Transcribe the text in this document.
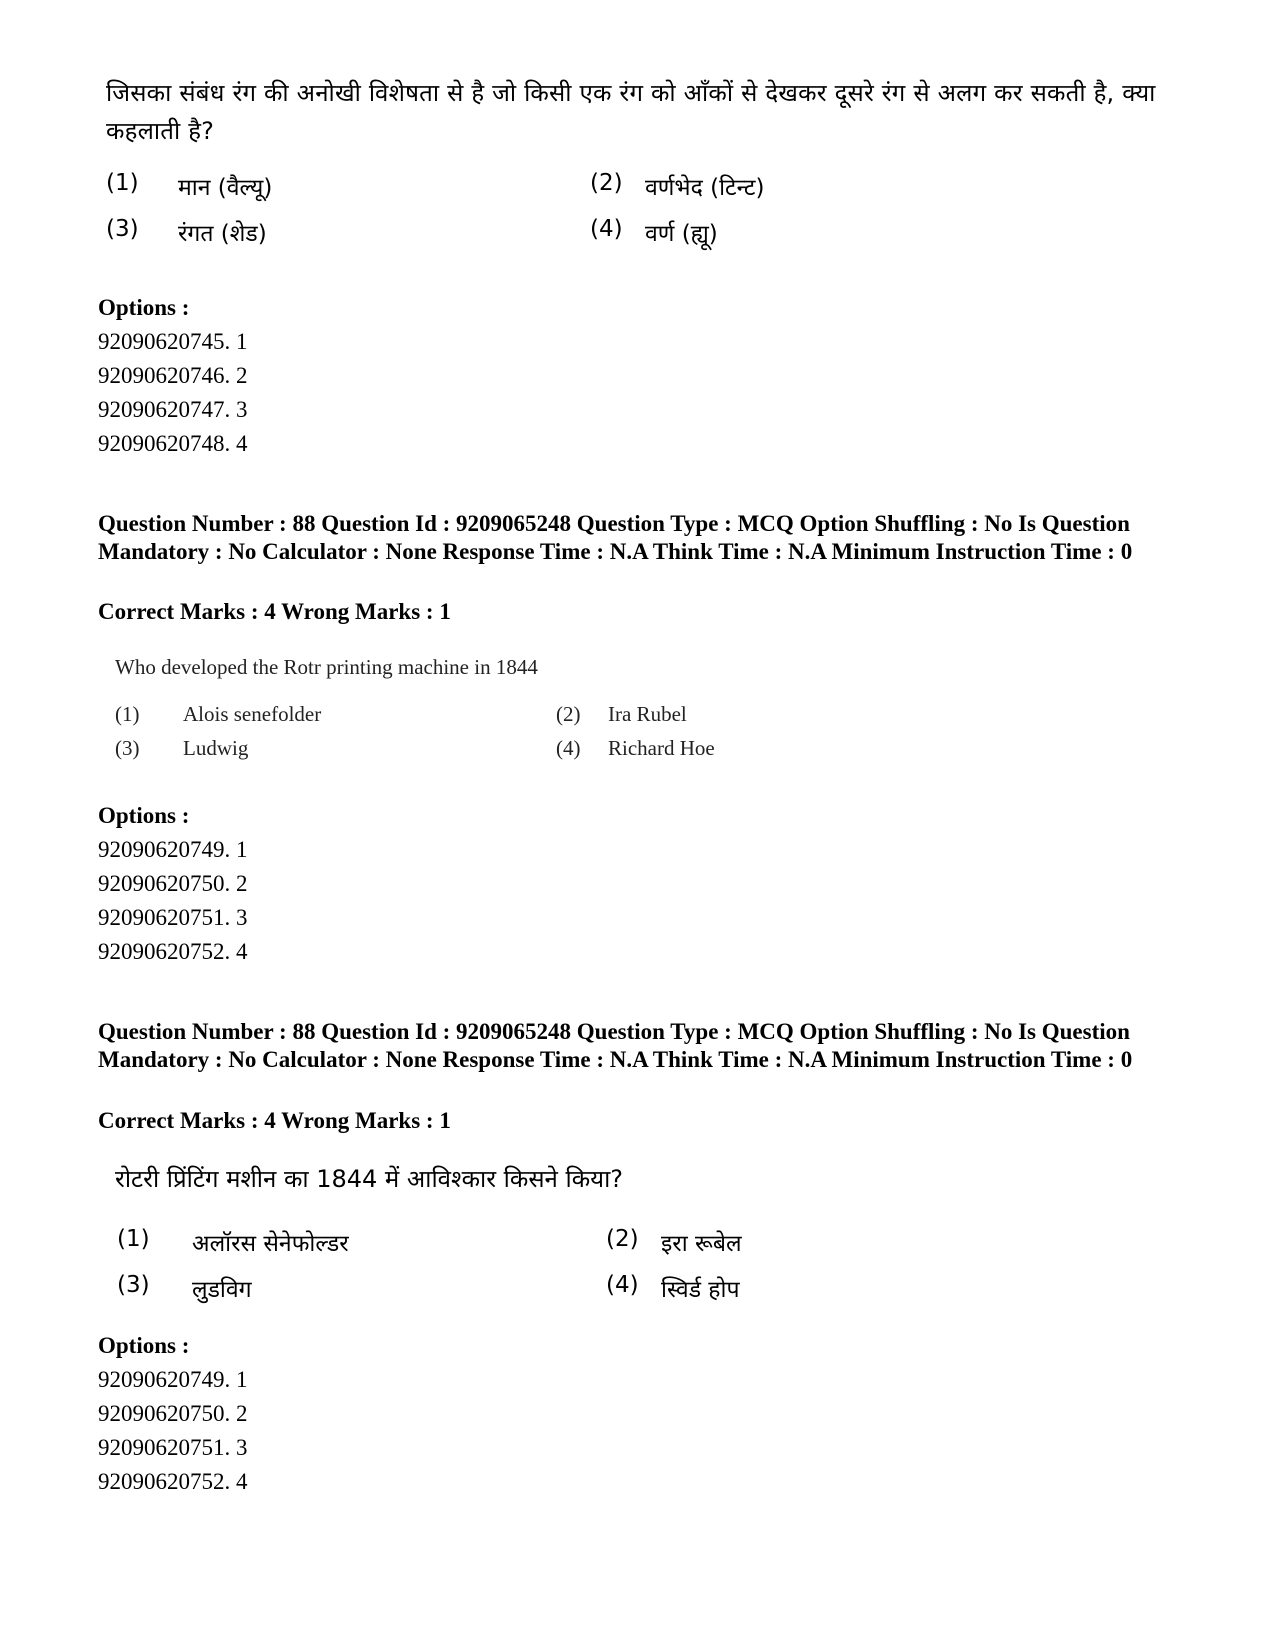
जिसका संबंध रंग की अनोखी विशेषता से है जो किसी एक रंग को आँकों से देखकर दूसरे रंग से अलग कर सकती है, क्या कहलाती है?
(1) मान (वैल्यू)	(2) वर्णभेद (टिन्ट)
(3) रंगत (शेड)	(4) वर्ण (ह्यू)
Options :
92090620745. 1
92090620746. 2
92090620747. 3
92090620748. 4
Question Number : 88 Question Id : 9209065248 Question Type : MCQ Option Shuffling : No Is Question Mandatory : No Calculator : None Response Time : N.A Think Time : N.A Minimum Instruction Time : 0
Correct Marks : 4 Wrong Marks : 1
Who developed the Rotr printing machine in 1844
(1) Alois senefolder	(2) Ira Rubel
(3) Ludwig	(4) Richard Hoe
Options :
92090620749. 1
92090620750. 2
92090620751. 3
92090620752. 4
Question Number : 88 Question Id : 9209065248 Question Type : MCQ Option Shuffling : No Is Question Mandatory : No Calculator : None Response Time : N.A Think Time : N.A Minimum Instruction Time : 0
Correct Marks : 4 Wrong Marks : 1
रोटरी प्रिंटिंग मशीन का 1844 में आविश्कार किसने किया?
(1) अलॉरस सेनेफोल्डर	(2) इरा रूबेल
(3) लुडविग	(4) स्विर्ड होप
Options :
92090620749. 1
92090620750. 2
92090620751. 3
92090620752. 4
